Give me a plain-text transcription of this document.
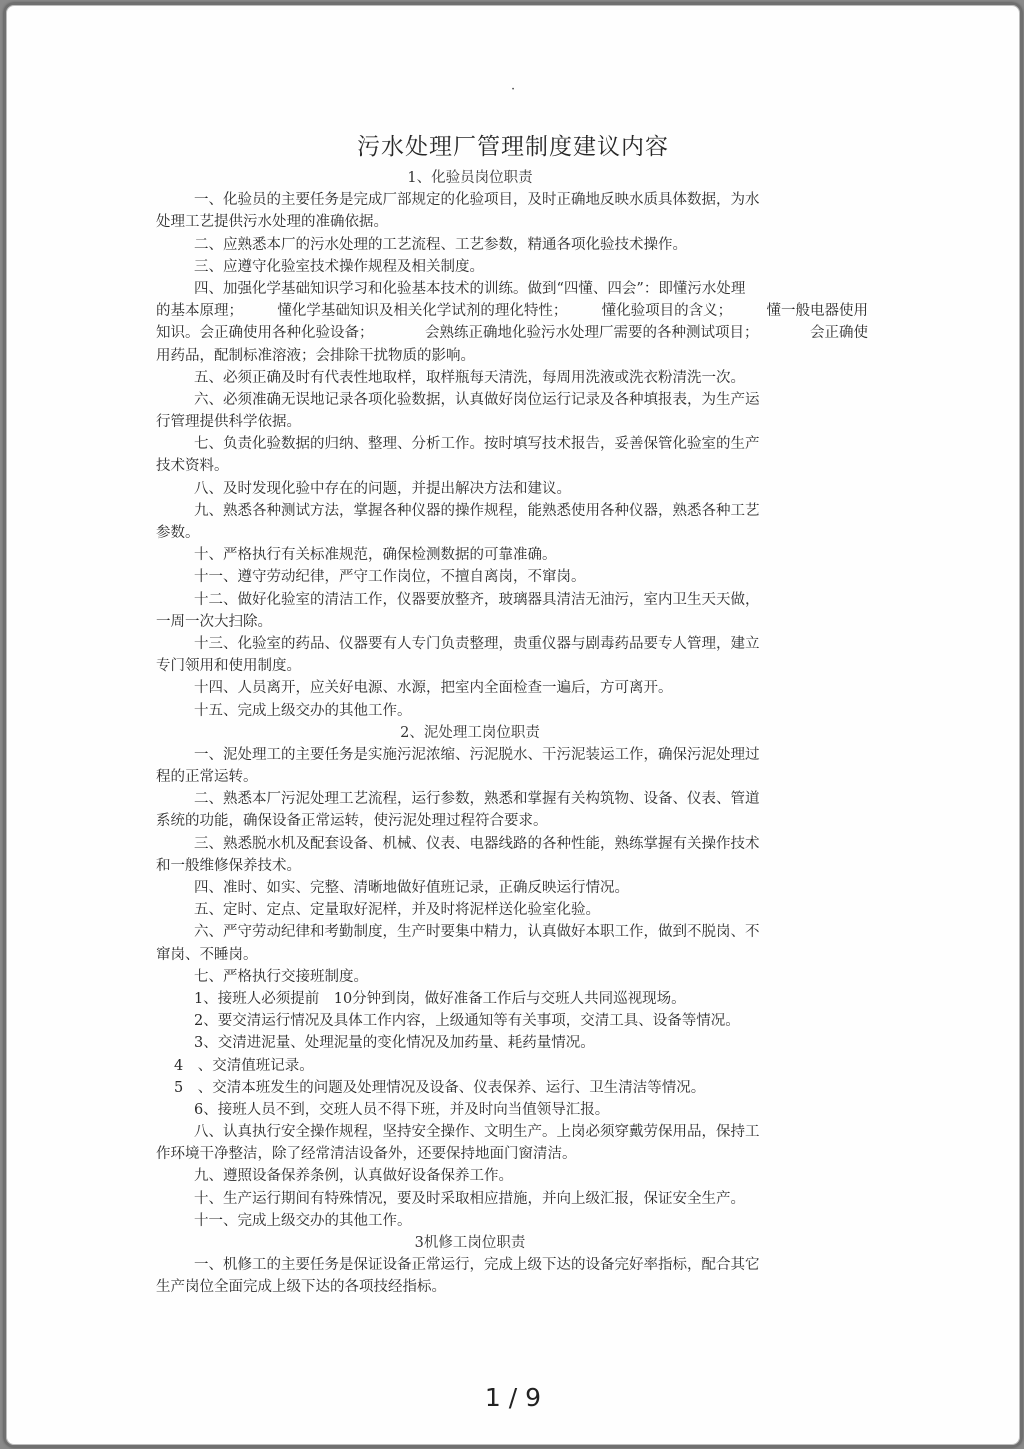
·
污水处理厂管理制度建议内容
1、化验员岗位职责
一、化验员的主要任务是完成厂部规定的化验项目，及时正确地反映水质具体数据，为水
处理工艺提供污水处理的准确依据。
二、应熟悉本厂的污水处理的工艺流程、工艺参数，精通各项化验技术操作。
三、应遵守化验室技术操作规程及相关制度。
四、加强化学基础知识学习和化验基本技术的训练。做到“四懂、四会”：即懂污水处理
的基本原理； 懂化学基础知识及相关化学试剂的理化特性； 懂化验项目的含义； 懂一般电器使用
知识。会正确使用各种化验设备；	会熟练正确地化验污水处理厂需要的各种测试项目；	会正确使
用药品，配制标准溶液；会排除干扰物质的影响。
五、必须正确及时有代表性地取样，取样瓶每天清洗，每周用洗液或洗衣粉清洗一次。
六、必须准确无误地记录各项化验数据，认真做好岗位运行记录及各种填报表，为生产运
行管理提供科学依据。
七、负责化验数据的归纳、整理、分析工作。按时填写技术报告，妥善保管化验室的生产
技术资料。
八、及时发现化验中存在的问题，并提出解决方法和建议。
九、熟悉各种测试方法，掌握各种仪器的操作规程，能熟悉使用各种仪器，熟悉各种工艺
参数。
十、严格执行有关标准规范，确保检测数据的可靠准确。
十一、遵守劳动纪律，严守工作岗位，不擅自离岗，不窜岗。
十二、做好化验室的清洁工作，仪器要放整齐，玻璃器具清洁无油污，室内卫生天天做，
一周一次大扫除。
十三、化验室的药品、仪器要有人专门负责整理，贵重仪器与剧毒药品要专人管理，建立
专门领用和使用制度。
十四、人员离开，应关好电源、水源，把室内全面检查一遍后，方可离开。
十五、完成上级交办的其他工作。
2、泥处理工岗位职责
一、泥处理工的主要任务是实施污泥浓缩、污泥脱水、干污泥装运工作，确保污泥处理过
程的正常运转。
二、熟悉本厂污泥处理工艺流程，运行参数，熟悉和掌握有关构筑物、设备、仪表、管道
系统的功能，确保设备正常运转，使污泥处理过程符合要求。
三、熟悉脱水机及配套设备、机械、仪表、电器线路的各种性能，熟练掌握有关操作技术
和一般维修保养技术。
四、准时、如实、完整、清晰地做好值班记录，正确反映运行情况。
五、定时、定点、定量取好泥样，并及时将泥样送化验室化验。
六、严守劳动纪律和考勤制度，生产时要集中精力，认真做好本职工作，做到不脱岗、不
窜岗、不睡岗。
七、严格执行交接班制度。
1、接班人必须提前　10分钟到岗，做好准备工作后与交班人共同巡视现场。
2、要交清运行情况及具体工作内容，上级通知等有关事项，交清工具、设备等情况。
3、交清进泥量、处理泥量的变化情况及加药量、耗药量情况。
4　、交清值班记录。
5　、交清本班发生的问题及处理情况及设备、仪表保养、运行、卫生清洁等情况。
6、接班人员不到，交班人员不得下班，并及时向当值领导汇报。
八、认真执行安全操作规程，坚持安全操作、文明生产。上岗必须穿戴劳保用品，保持工
作环境干净整洁，除了经常清洁设备外，还要保持地面门窗清洁。
九、遵照设备保养条例，认真做好设备保养工作。
十、生产运行期间有特殊情况，要及时采取相应措施，并向上级汇报，保证安全生产。
十一、完成上级交办的其他工作。
3机修工岗位职责
一、机修工的主要任务是保证设备正常运行，完成上级下达的设备完好率指标，配合其它
生产岗位全面完成上级下达的各项技经指标。
1 / 9
